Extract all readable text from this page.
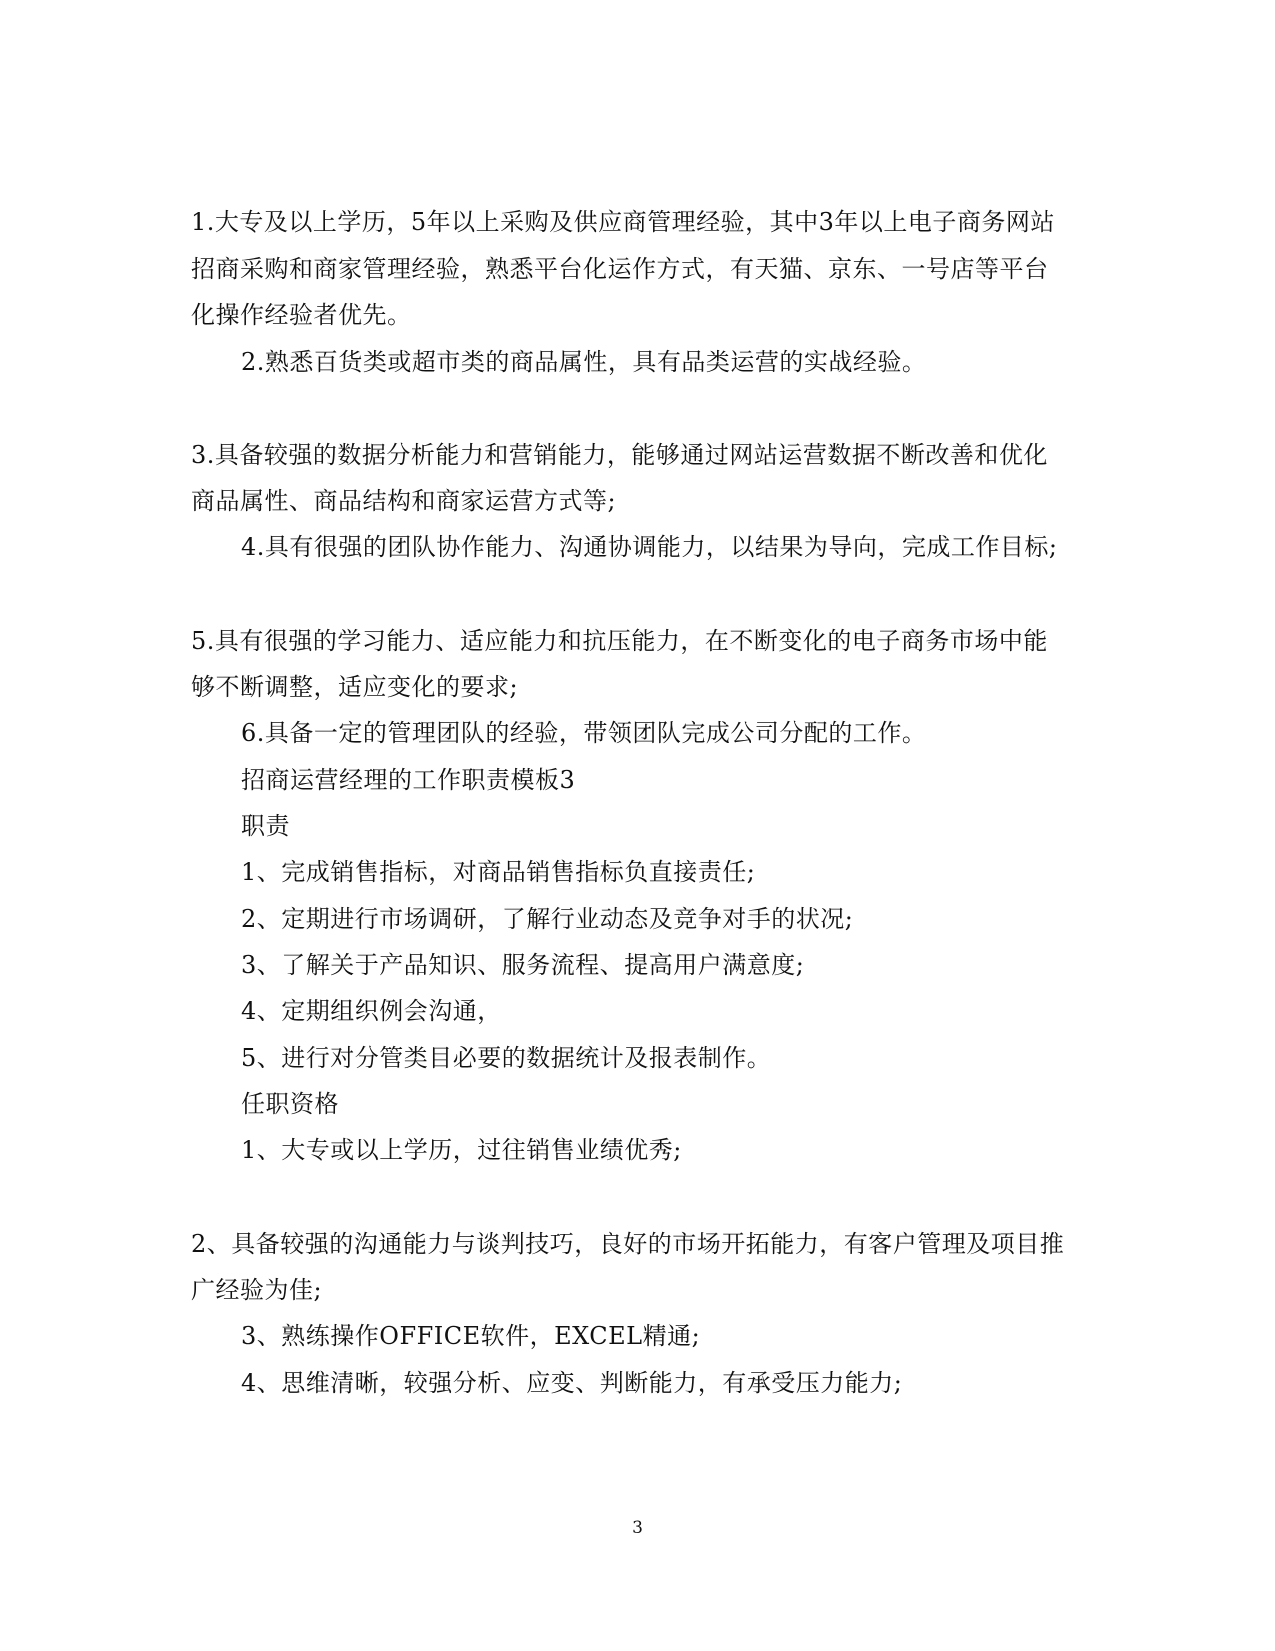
1.大专及以上学历，5年以上采购及供应商管理经验，其中3年以上电子商务网站
招商采购和商家管理经验，熟悉平台化运作方式，有天猫、京东、一号店等平台
化操作经验者优先。
2.熟悉百货类或超市类的商品属性，具有品类运营的实战经验。
3.具备较强的数据分析能力和营销能力，能够通过网站运营数据不断改善和优化
商品属性、商品结构和商家运营方式等;
4.具有很强的团队协作能力、沟通协调能力，以结果为导向，完成工作目标;
5.具有很强的学习能力、适应能力和抗压能力，在不断变化的电子商务市场中能
够不断调整，适应变化的要求;
6.具备一定的管理团队的经验，带领团队完成公司分配的工作。
招商运营经理的工作职责模板3
职责
1、完成销售指标，对商品销售指标负直接责任;
2、定期进行市场调研，了解行业动态及竞争对手的状况;
3、了解关于产品知识、服务流程、提高用户满意度;
4、定期组织例会沟通，
5、进行对分管类目必要的数据统计及报表制作。
任职资格
1、大专或以上学历，过往销售业绩优秀;
2、具备较强的沟通能力与谈判技巧，良好的市场开拓能力，有客户管理及项目推
广经验为佳;
3、熟练操作OFFICE软件，EXCEL精通;
4、思维清晰，较强分析、应变、判断能力，有承受压力能力;
3
